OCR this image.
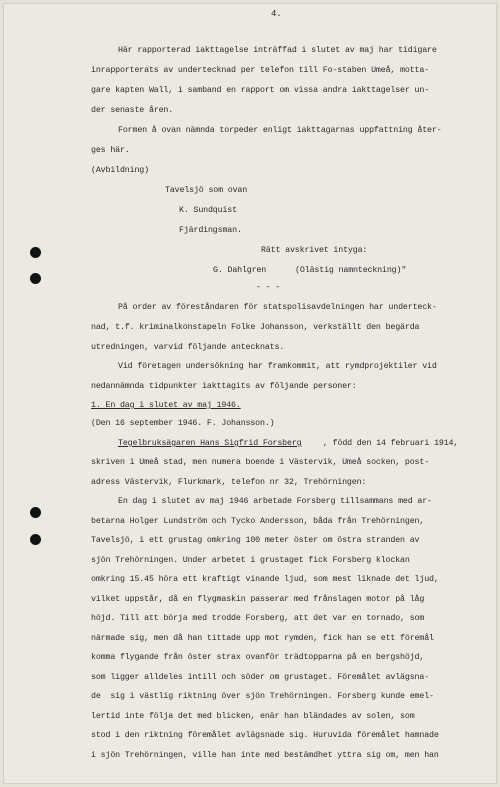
4.
Här rapporterad iakttagelse inträffad i slutet av maj har tidigare
inrapporterats av undertecknad per telefon till Fo-staben Umeå, motta-
gare kapten Wall, i samband en rapport om vissa andra iakttagelser un-
der senaste åren.
Formen å ovan nämnda torpeder enligt iakttagarnas uppfattning åter-
ges här.
(Avbildning)
Tavelsjö som ovan
K. Sundquist
Fjärdingsman.
Rätt avskrivet intyga:
G. Dahlgren      (Olästig namnteckning)"
- - -
På order av föreståndaren för statspolisavdelningen har underteck-
nad, t.f. kriminalkonstapeln Folke Johansson, verkställt den begärda
utredningen, varvid följande antecknats.
Vid företagen undersökning har framkommit, att rymdprojektiler vid
nedannämnda tidpunkter iakttagits av följande personer:
1. En dag i slutet av maj 1946.
(Den 16 september 1946. F. Johansson.)
Tegelbruksägaren Hans Sigfrid Forsberg	, född den 14 februari 1914,
skriven i Umeå stad, men numera boende i Västervik, Umeå socken, post-
adress Västervik, Flurkmark, telefon nr 32, Trehörningen:
En dag i slutet av maj 1946 arbetade Forsberg tillsammans med ar-
betarna Holger Lundström och Tycko Andersson, båda från Trehörningen,
Tavelsjö, i ett grustag omkring 100 meter öster om östra stranden av
sjön Trehörningen. Under arbetet i grustaget fick Forsberg klockan
omkring 15.45 höra ett kraftigt vinande ljud, som mest liknade det ljud,
vilket uppstår, då en flygmaskin passerar med frånslagen motor på låg
höjd. Till att börja med trodde Forsberg, att det var en tornado, som
närmade sig, men då han tittade upp mot rymden, fick han se ett föremål
komma flygande från öster strax ovanför trädtopparna på en bergshöjd,
som ligger alldeles intill och söder om grustaget. Föremålet avlägsna-
de  sig i västlig riktning över sjön Trehörningen. Forsberg kunde emel-
lertid inte följa det med blicken, enär han bländades av solen, som
stod i den riktning föremålet avlägsnade sig. Huruvida föremålet hamnade
i sjön Trehörningen, ville han inte med bestämdhet yttra sig om, men han
